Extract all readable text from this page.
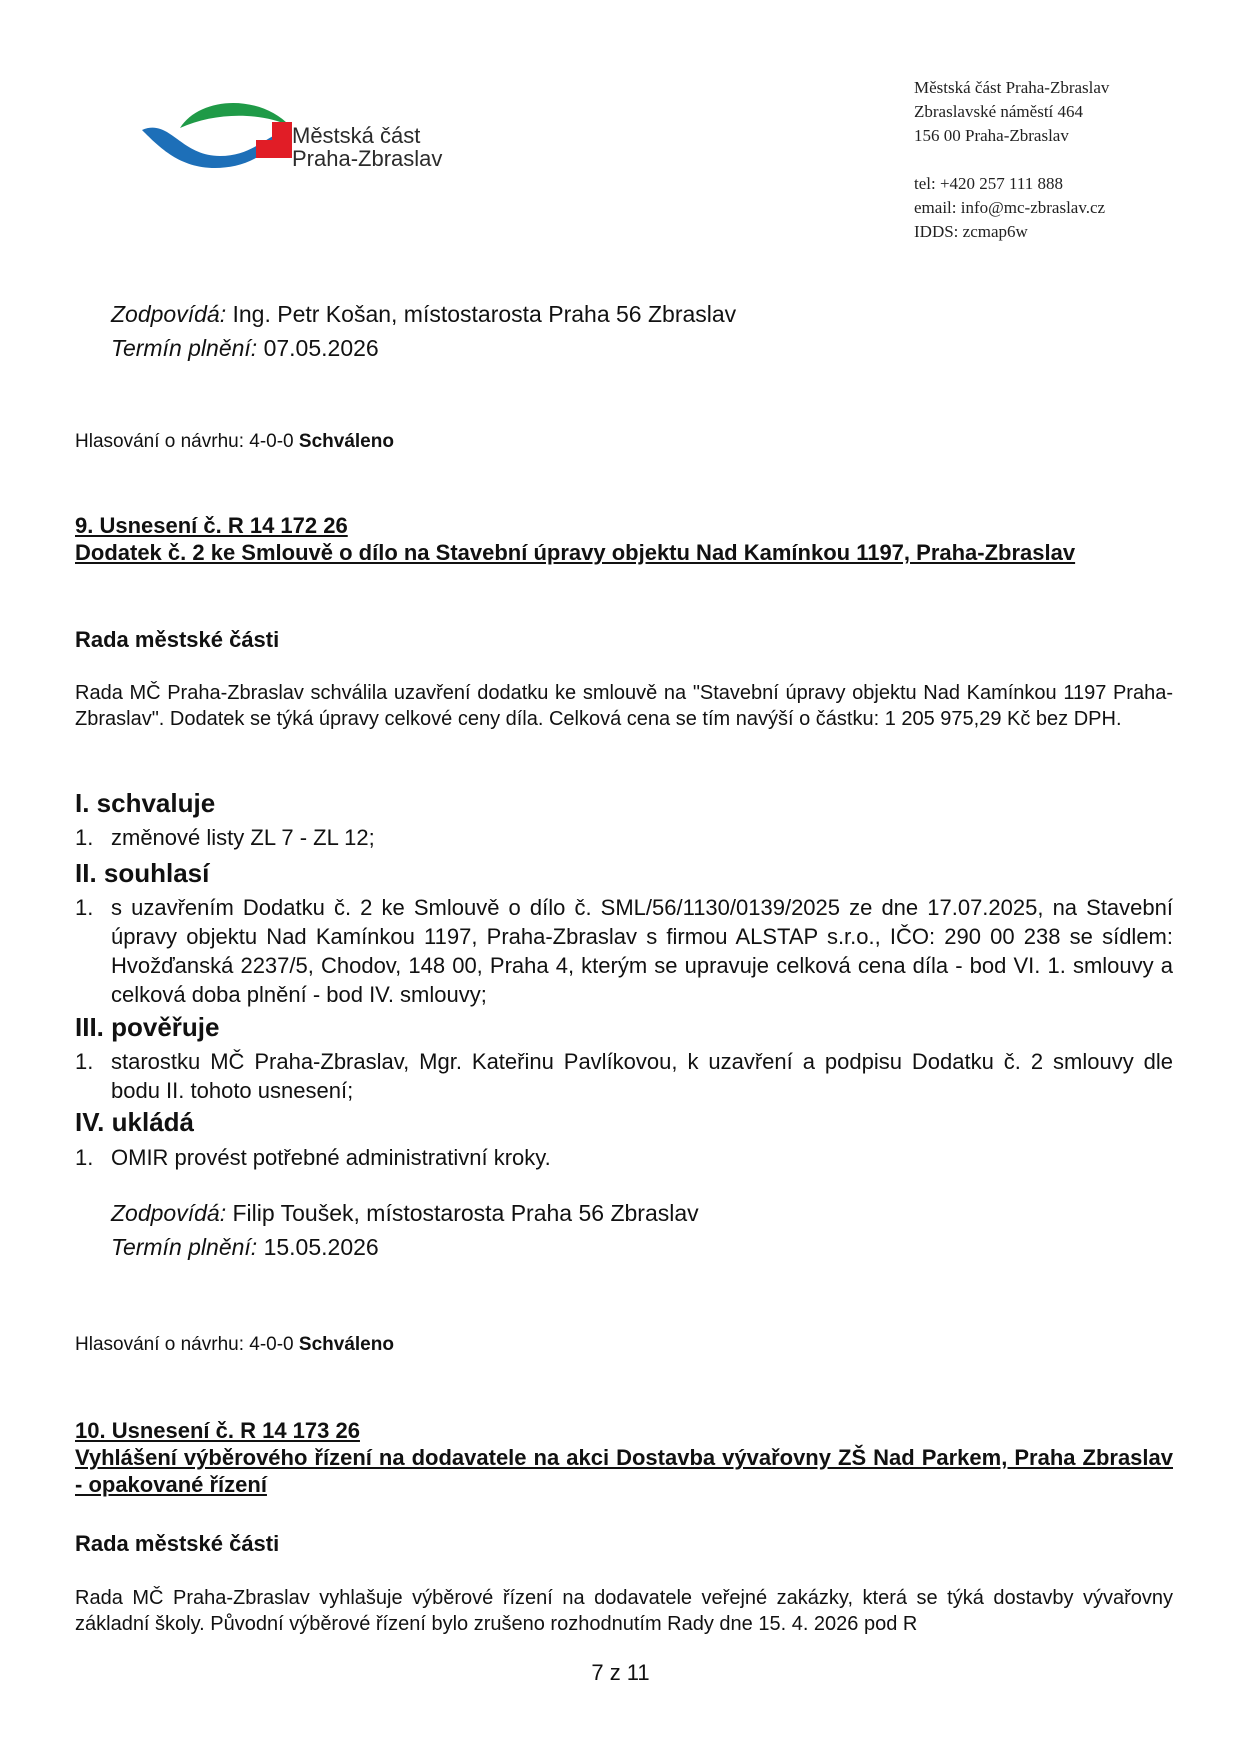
Městská část
Praha-Zbraslav
Městská část Praha-Zbraslav
Zbraslavské náměstí 464
156 00 Praha-Zbraslav
tel: +420 257 111 888
email: info@mc-zbraslav.cz
IDDS: zcmap6w
Zodpovídá: Ing. Petr Košan, místostarosta Praha 56 Zbraslav
Termín plnění: 07.05.2026
Hlasování o návrhu: 4-0-0 Schváleno
9. Usnesení č. R 14 172 26
Dodatek č. 2 ke Smlouvě o dílo na Stavební úpravy objektu Nad Kamínkou 1197, Praha-Zbraslav
Rada městské části
Rada MČ Praha-Zbraslav schválila uzavření dodatku ke smlouvě na "Stavební úpravy objektu Nad Kamínkou 1197 Praha-Zbraslav". Dodatek se týká úpravy celkové ceny díla. Celková cena se tím navýší o částku: 1 205 975,29 Kč bez DPH.
I. schvaluje
1. změnové listy ZL 7 - ZL 12;
II. souhlasí
1. s uzavřením Dodatku č. 2 ke Smlouvě o dílo č. SML/56/1130/0139/2025 ze dne 17.07.2025, na Stavební úpravy objektu Nad Kamínkou 1197, Praha-Zbraslav s firmou ALSTAP s.r.o., IČO: 290 00 238 se sídlem: Hvožďanská 2237/5, Chodov, 148 00, Praha 4, kterým se upravuje celková cena díla - bod VI. 1. smlouvy a celková doba plnění - bod IV. smlouvy;
III. pověřuje
1. starostku MČ Praha-Zbraslav, Mgr. Kateřinu Pavlíkovou, k uzavření a podpisu Dodatku č. 2 smlouvy dle bodu II. tohoto usnesení;
IV. ukládá
1. OMIR provést potřebné administrativní kroky.
Zodpovídá: Filip Toušek, místostarosta Praha 56 Zbraslav
Termín plnění: 15.05.2026
Hlasování o návrhu: 4-0-0 Schváleno
10. Usnesení č. R 14 173 26
Vyhlášení výběrového řízení na dodavatele na akci Dostavba vývařovny ZŠ Nad Parkem, Praha Zbraslav - opakované řízení
Rada městské části
Rada MČ Praha-Zbraslav vyhlašuje výběrové řízení na dodavatele veřejné zakázky, která se týká dostavby vývařovny základní školy. Původní výběrové řízení bylo zrušeno rozhodnutím Rady dne 15. 4. 2026 pod R
7 z 11
